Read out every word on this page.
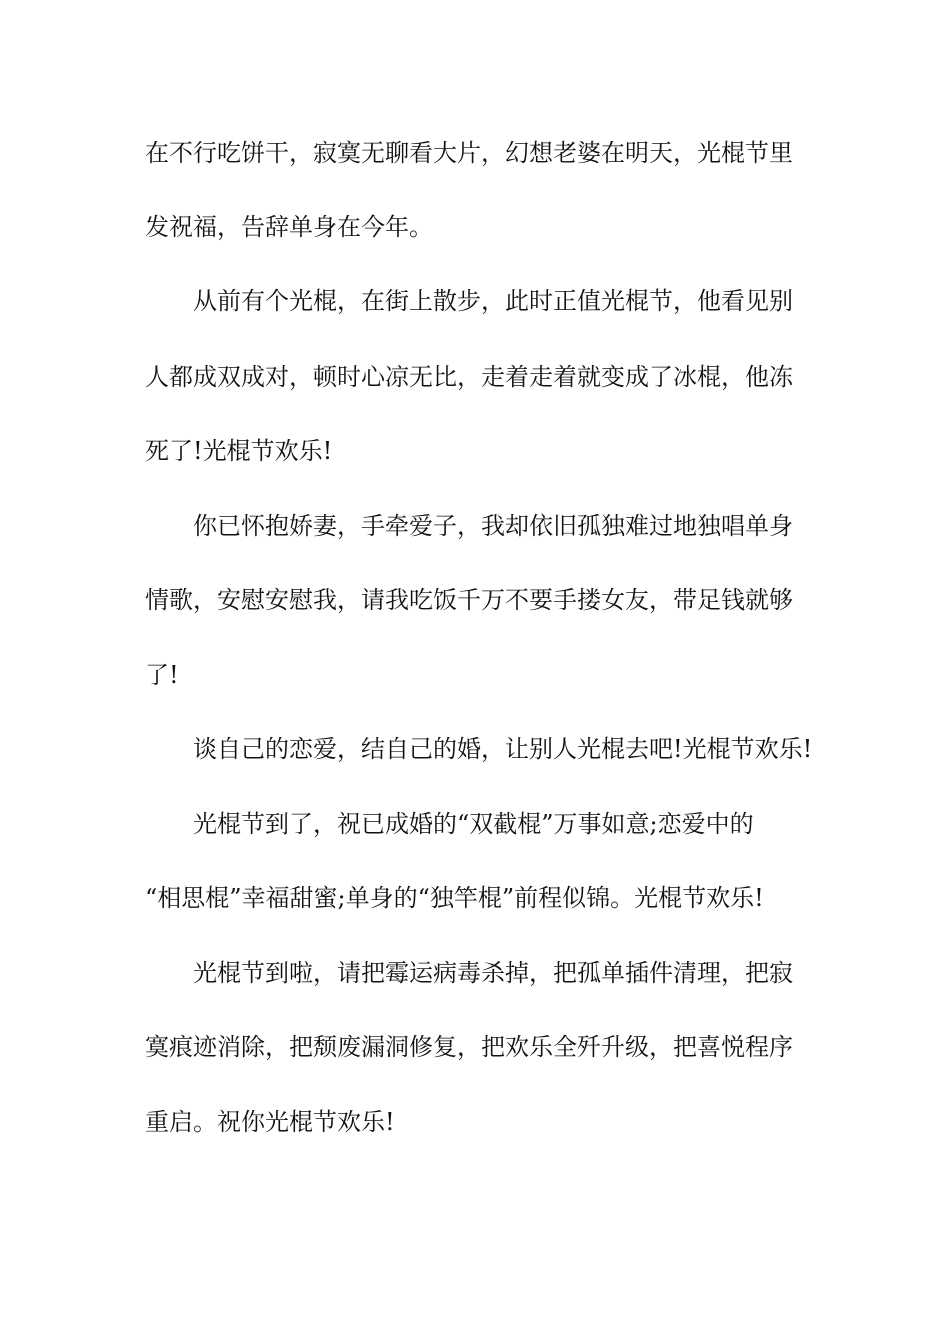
在不行吃饼干，寂寞无聊看大片，幻想老婆在明天，光棍节里
发祝福，告辞单身在今年。
从前有个光棍，在街上散步，此时正值光棍节，他看见别
人都成双成对，顿时心凉无比，走着走着就变成了冰棍，他冻
死了!光棍节欢乐!
你已怀抱娇妻，手牵爱子，我却依旧孤独难过地独唱单身
情歌，安慰安慰我，请我吃饭千万不要手搂女友，带足钱就够
了!
谈自己的恋爱，结自己的婚，让别人光棍去吧!光棍节欢乐!
光棍节到了，祝已成婚的“双截棍”万事如意;恋爱中的
“相思棍”幸福甜蜜;单身的“独竿棍”前程似锦。光棍节欢乐!
光棍节到啦，请把霉运病毒杀掉，把孤单插件清理，把寂
寞痕迹消除，把颓废漏洞修复，把欢乐全歼升级，把喜悦程序
重启。祝你光棍节欢乐!
